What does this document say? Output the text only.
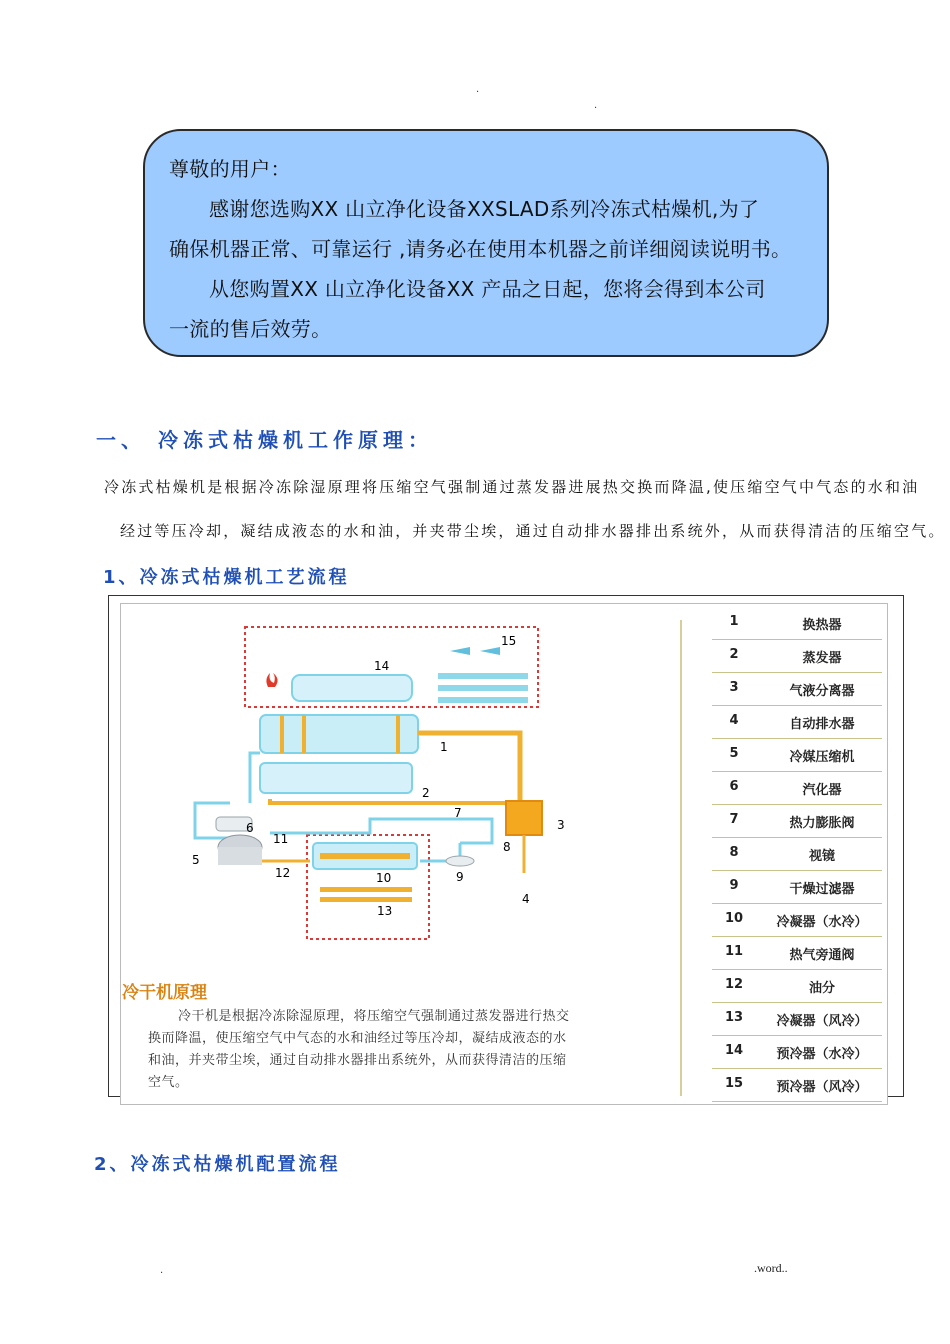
.
.
尊敬的用户：
感谢您选购XX 山立净化设备XXSLAD系列冷冻式枯燥机,为了
确保机器正常、可靠运行 ,请务必在使用本机器之前详细阅读说明书。
从您购置XX 山立净化设备XX 产品之日起，您将会得到本公司
一流的售后效劳。
一、 冷冻式枯燥机工作原理：
冷冻式枯燥机是根据冷冻除湿原理将压缩空气强制通过蒸发器进展热交换而降温,使压缩空气中气态的水和油
经过等压冷却，凝结成液态的水和油，并夹带尘埃，通过自动排水器排出系统外，从而获得清洁的压缩空气。
1、冷冻式枯燥机工艺流程
1
2
3
4
5
6
7
8
9
10
11
12
13
14
15
冷干机原理
冷干机是根据冷冻除湿原理，将压缩空气强制通过蒸发器进行热交
换而降温，使压缩空气中气态的水和油经过等压冷却，凝结成液态的水
和油，并夹带尘埃，通过自动排水器排出系统外，从而获得清洁的压缩
空气。
1	换热器
2	蒸发器
3	气液分离器
4	自动排水器
5	冷媒压缩机
6	汽化器
7	热力膨胀阀
8	视镜
9	干燥过滤器
10	冷凝器（水冷）
11	热气旁通阀
12	油分
13	冷凝器（风冷）
14	预冷器（水冷）
15	预冷器（风冷）
2、冷冻式枯燥机配置流程
.	.word..
